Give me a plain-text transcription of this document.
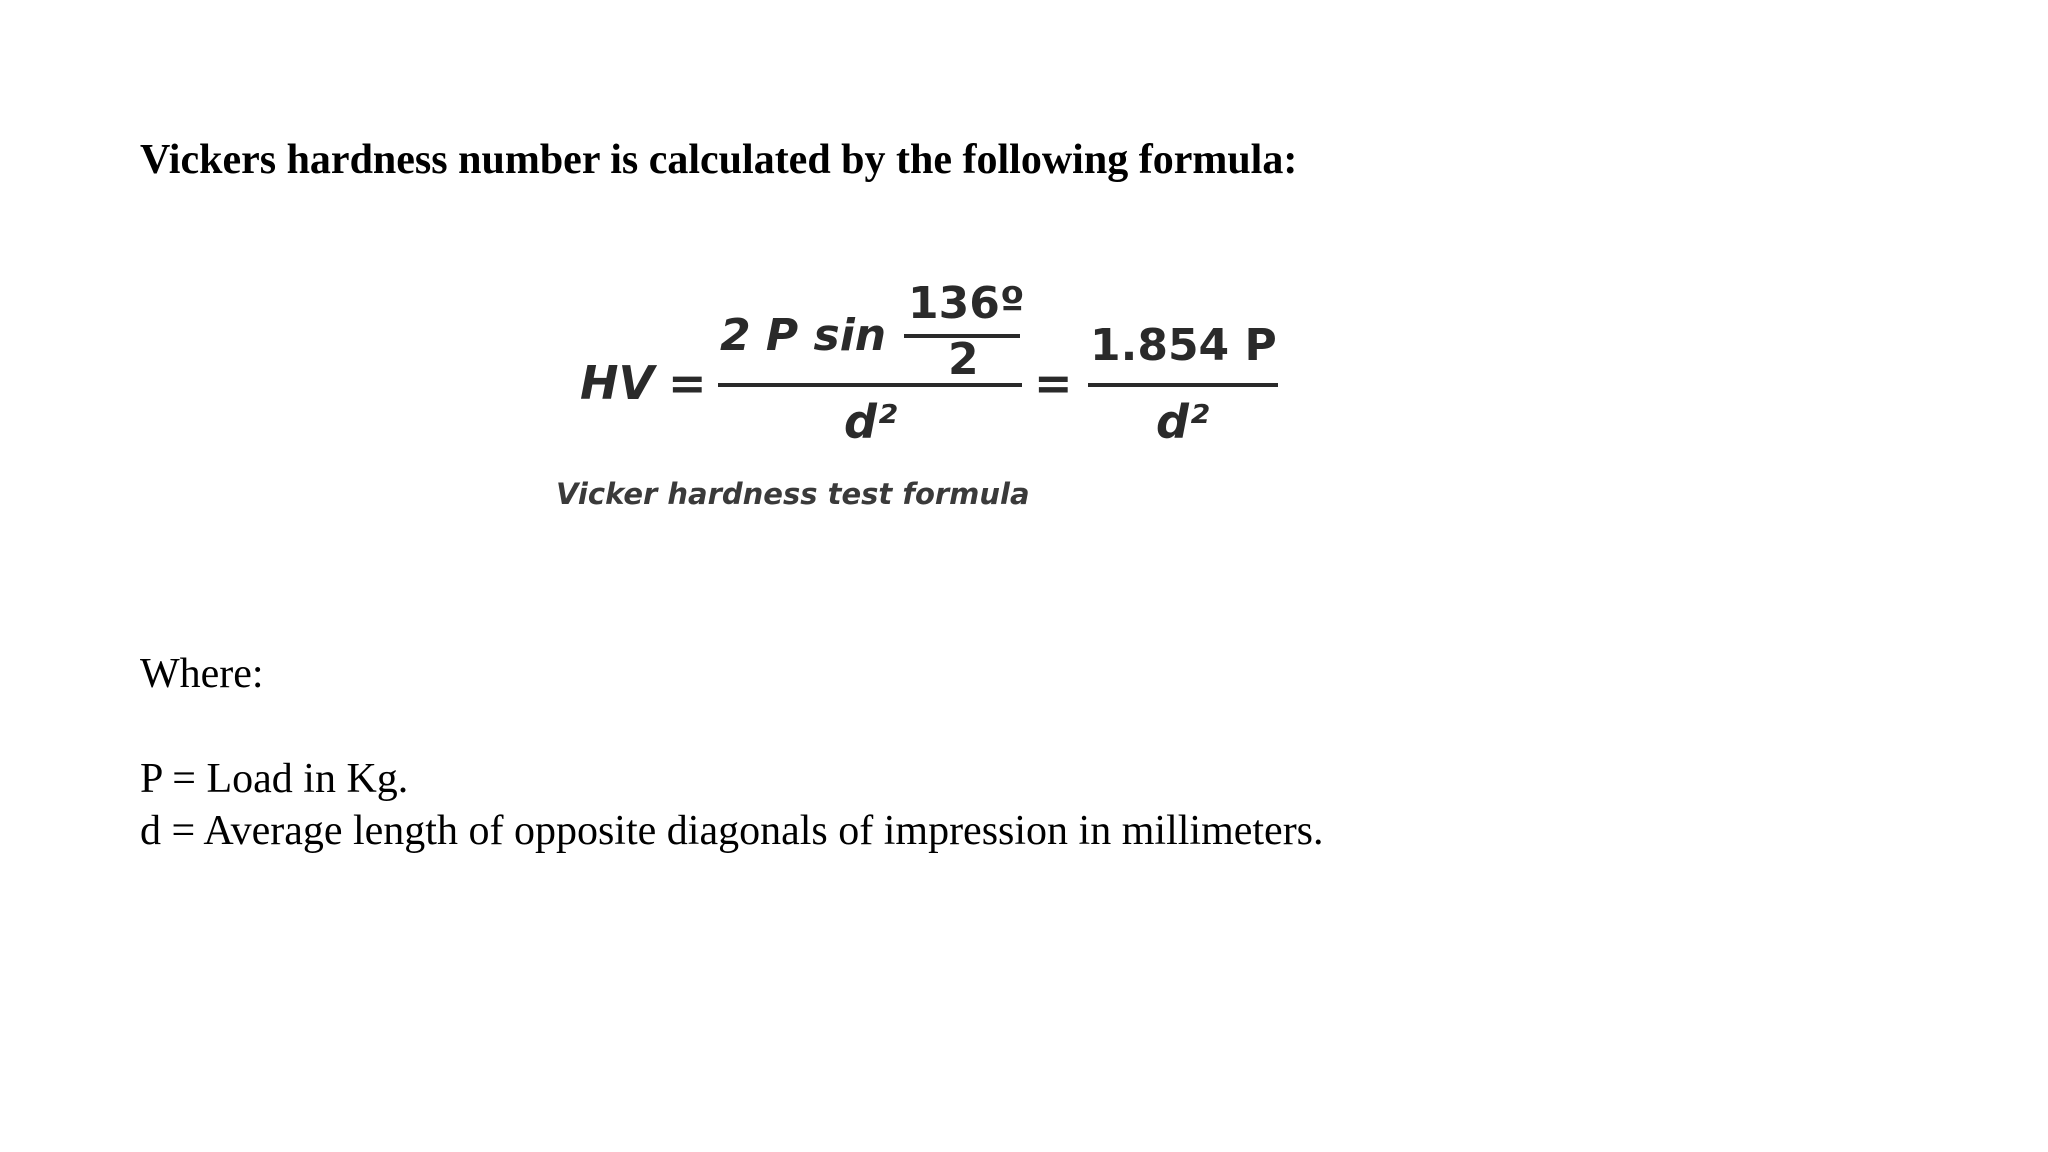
Vickers hardness number is calculated by the following formula:
HV =
2 P sin
136º
2
d²
=
1.854 P
d²
Vicker hardness test formula

Where:

P = Load in Kg.
d = Average length of opposite diagonals of impression in millimeters.
